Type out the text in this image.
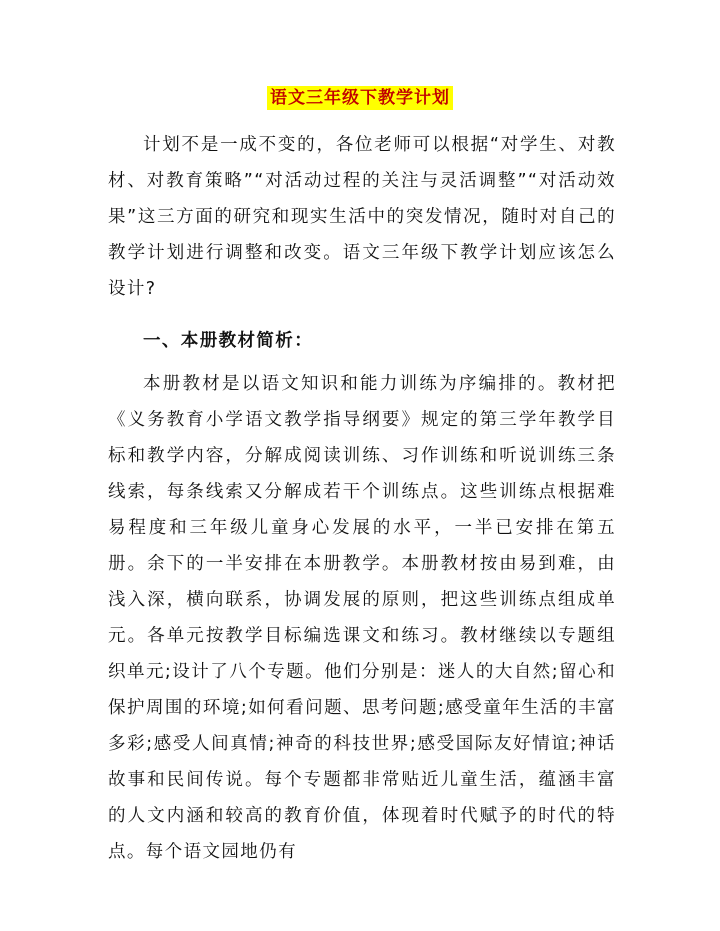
语文三年级下教学计划

计划不是一成不变的，各位老师可以根据“对学生、对教材、对教育策略”“对活动过程的关注与灵活调整”“对活动效果”这三方面的研究和现实生活中的突发情况，随时对自己的教学计划进行调整和改变。语文三年级下教学计划应该怎么设计?

一、本册教材简析：

本册教材是以语文知识和能力训练为序编排的。教材把《义务教育小学语文教学指导纲要》规定的第三学年教学目标和教学内容，分解成阅读训练、习作训练和听说训练三条线索，每条线索又分解成若干个训练点。这些训练点根据难易程度和三年级儿童身心发展的水平，一半已安排在第五册。余下的一半安排在本册教学。本册教材按由易到难，由浅入深，横向联系，协调发展的原则，把这些训练点组成单元。各单元按教学目标编选课文和练习。教材继续以专题组织单元;设计了八个专题。他们分别是：迷人的大自然;留心和保护周围的环境;如何看问题、思考问题;感受童年生活的丰富多彩;感受人间真情;神奇的科技世界;感受国际友好情谊;神话故事和民间传说。每个专题都非常贴近儿童生活，蕴涵丰富的人文内涵和较高的教育价值，体现着时代赋予的时代的特点。每个语文园地仍有
